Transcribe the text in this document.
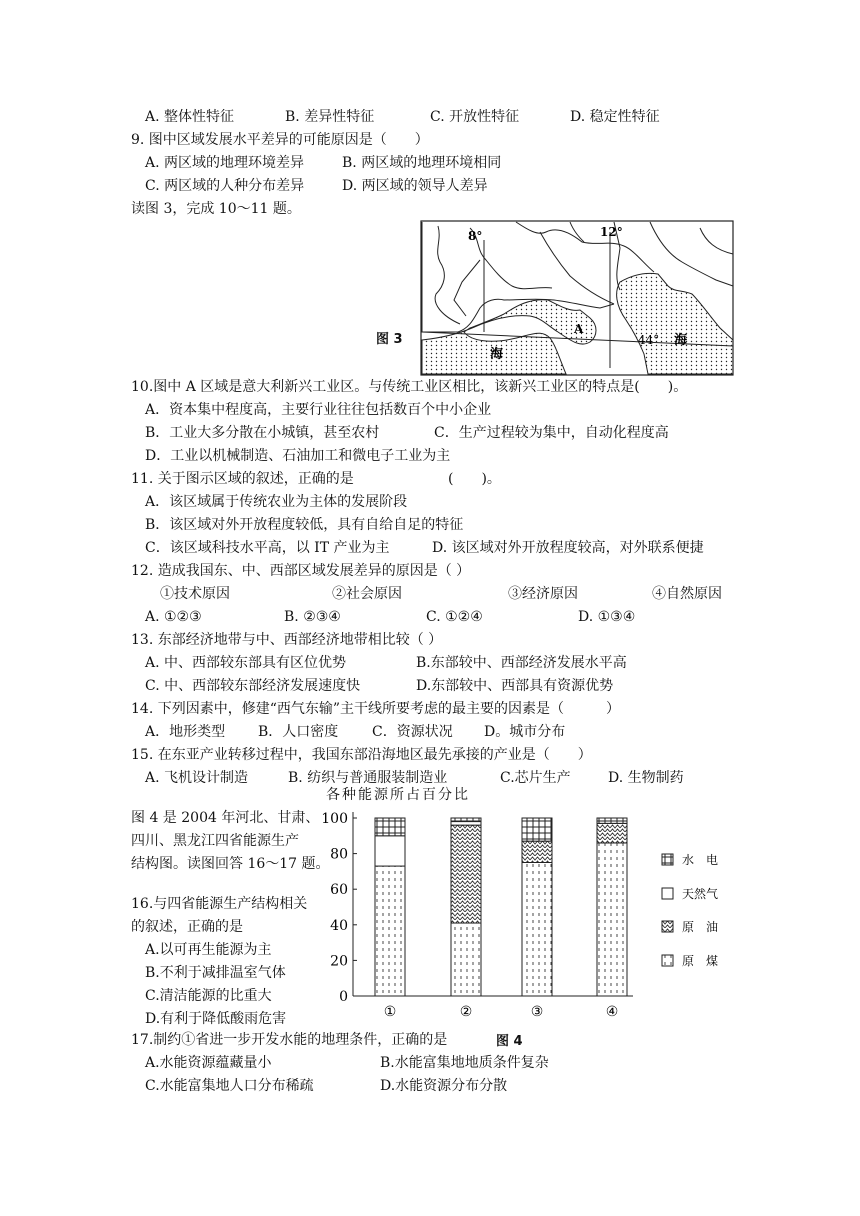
A. 整体性特征	B. 差异性特征	C. 开放性特征	D. 稳定性特征
9. 图中区域发展水平差异的可能原因是（　　）
A. 两区域的地理环境差异	B. 两区域的地理环境相同
C. 两区域的人种分布差异	D. 两区域的领导人差异
读图 3，完成 10～11 题。
图 3
8°	12°
44°
A
海
海
10.图中 A 区域是意大利新兴工业区。与传统工业区相比，该新兴工业区的特点是(　　)。
A．资本集中程度高，主要行业往往包括数百个中小企业
B．工业大多分散在小城镇，甚至农村	C．生产过程较为集中，自动化程度高
D．工业以机械制造、石油加工和微电子工业为主
11. 关于图示区域的叙述，正确的是	(　　)。
A．该区域属于传统农业为主体的发展阶段
B．该区域对外开放程度较低，具有自给自足的特征
C．该区域科技水平高，以 IT 产业为主	D. 该区域对外开放程度较高，对外联系便捷
12. 造成我国东、中、西部区域发展差异的原因是（ ）
①技术原因	②社会原因	③经济原因	④自然原因
A. ①②③	B. ②③④	C. ①②④	D. ①③④
13. 东部经济地带与中、西部经济地带相比较（ ）
A. 中、西部较东部具有区位优势	B.东部较中、西部经济发展水平高
C. 中、西部较东部经济发展速度快	D.东部较中、西部具有资源优势
14. 下列因素中，修建“西气东输”主干线所要考虑的最主要的因素是（　　　）
A．地形类型 B．人口密度 C．资源状况 D。城市分布
15. 在东亚产业转移过程中，我国东部沿海地区最先承接的产业是（　　）
A. 飞机设计制造	B. 纺织与普通服装制造业	C.芯片生产	D. 生物制药
各种能源所占百分比
图 4 是 2004 年河北、甘肃、
四川、黑龙江四省能源生产
结构图。读图回答 16～17 题。
16.与四省能源生产结构相关
的叙述，正确的是
A.以可再生能源为主
B.不利于减排温室气体
C.清洁能源的比重大
D.有利于降低酸雨危害
0
20
40
60
80
100
①	②	③	④
水　电
天然气
原　油
原　煤
图 4
17.制约①省进一步开发水能的地理条件，正确的是
A.水能资源蕴藏量小	B.水能富集地地质条件复杂
C.水能富集地人口分布稀疏	D.水能资源分布分散
